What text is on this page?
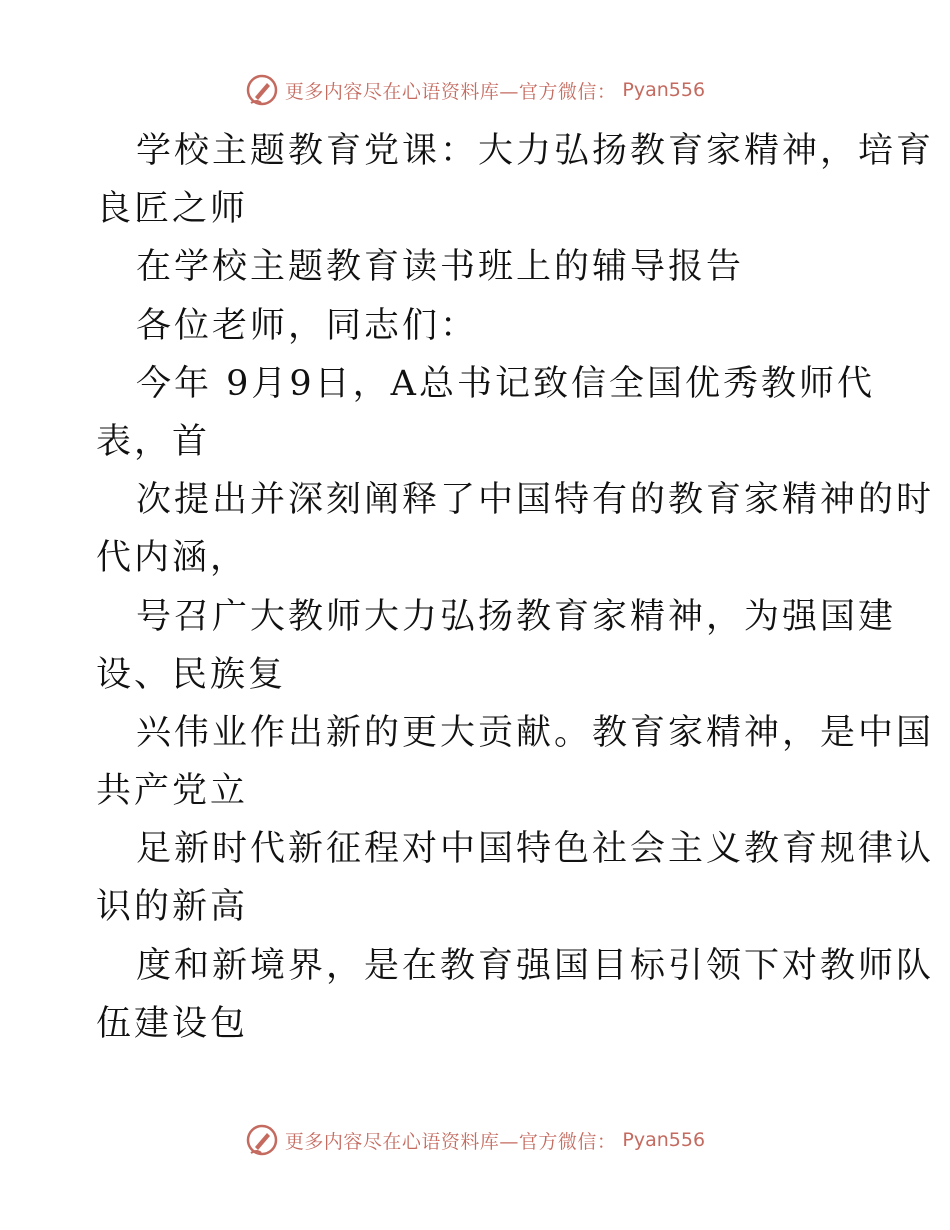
更多内容尽在心语资料库—官方微信： Pyan556
学校主题教育党课：大力弘扬教育家精神，培育
良匠之师
在学校主题教育读书班上的辅导报告
各位老师，同志们：
今年 9月9日，A总书记致信全国优秀教师代
表，首
次提出并深刻阐释了中国特有的教育家精神的时
代内涵，
号召广大教师大力弘扬教育家精神，为强国建
设、民族复
兴伟业作出新的更大贡献。教育家精神，是中国
共产党立
足新时代新征程对中国特色社会主义教育规律认
识的新高
度和新境界，是在教育强国目标引领下对教师队
伍建设包
更多内容尽在心语资料库—官方微信： Pyan556
